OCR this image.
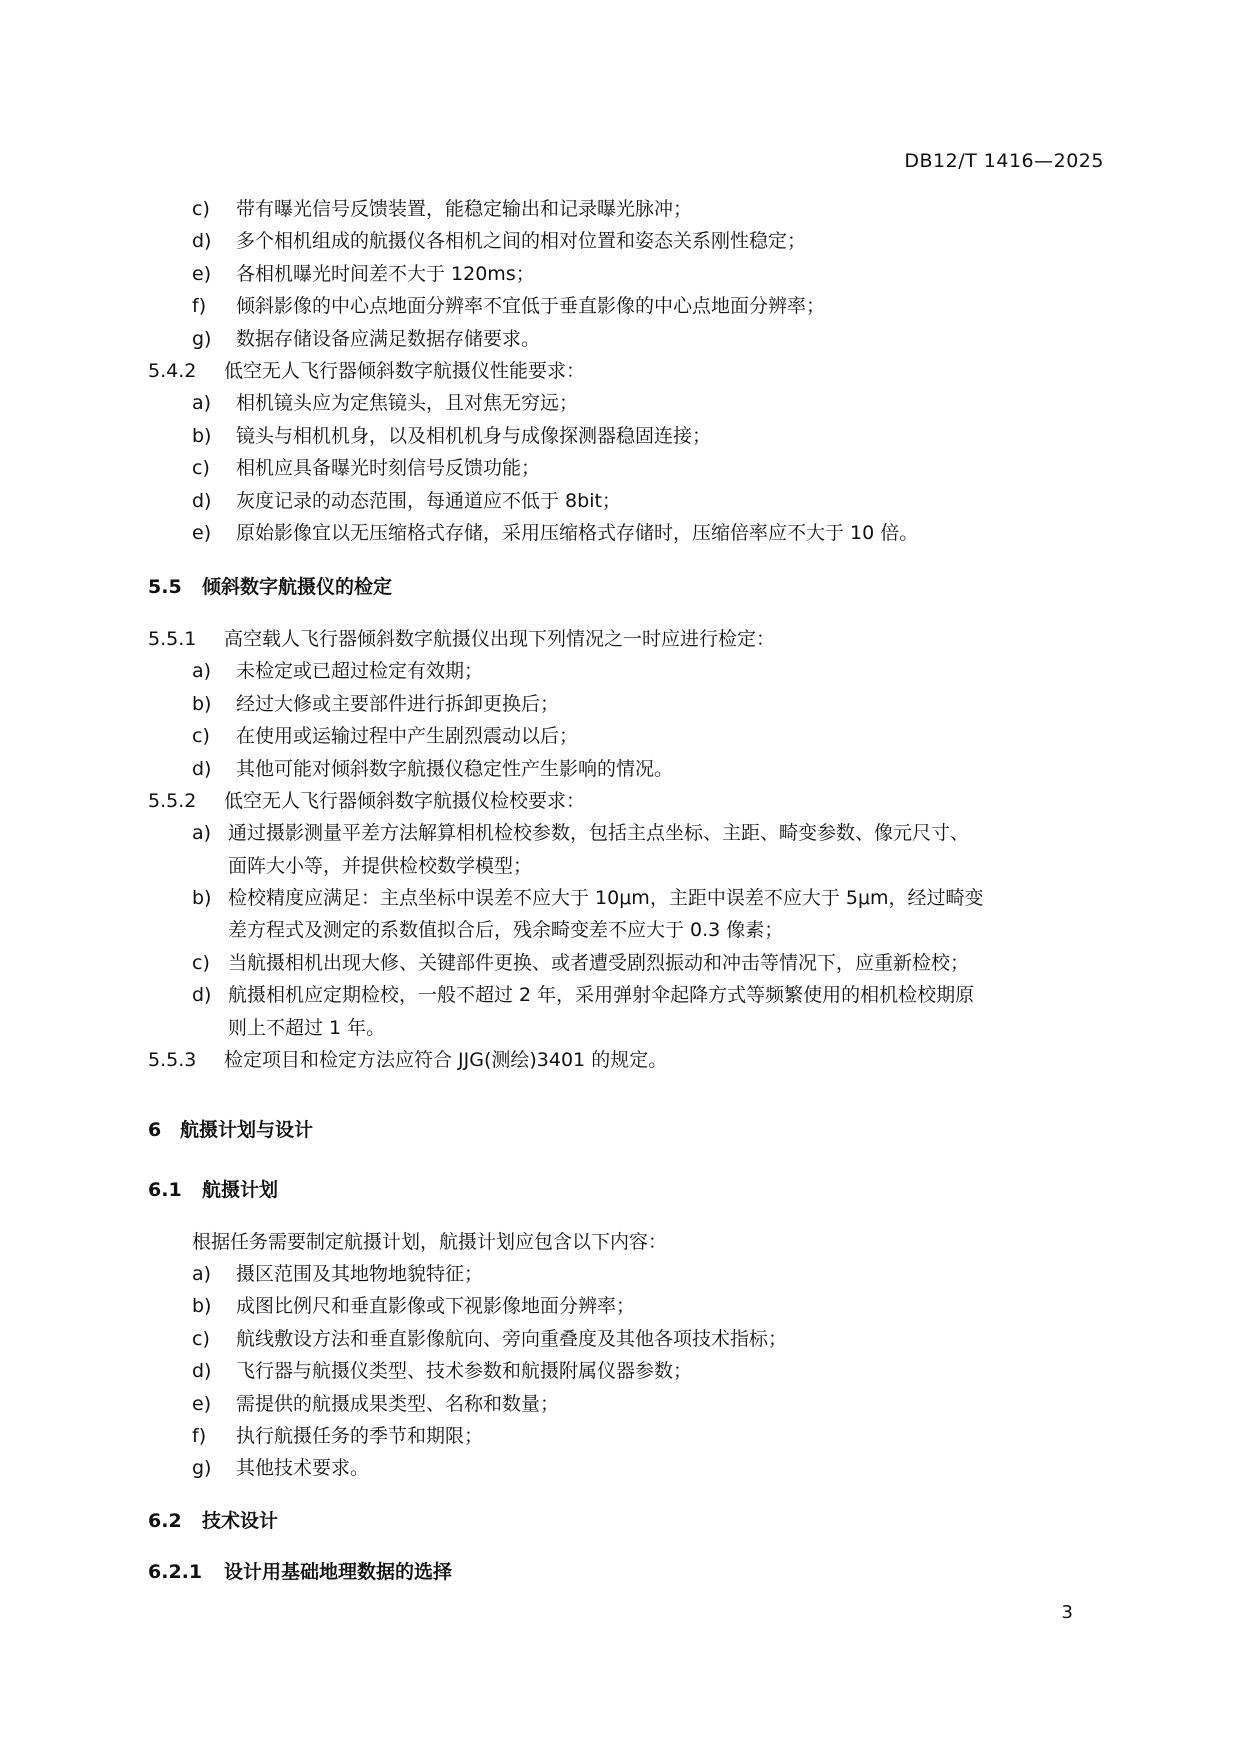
DB12/T 1416—2025
c) 带有曝光信号反馈装置，能稳定输出和记录曝光脉冲；
d) 多个相机组成的航摄仪各相机之间的相对位置和姿态关系刚性稳定；
e) 各相机曝光时间差不大于 120ms；
f) 倾斜影像的中心点地面分辨率不宜低于垂直影像的中心点地面分辨率；
g) 数据存储设备应满足数据存储要求。
5.4.2 低空无人飞行器倾斜数字航摄仪性能要求：
a) 相机镜头应为定焦镜头，且对焦无穷远；
b) 镜头与相机机身，以及相机机身与成像探测器稳固连接；
c) 相机应具备曝光时刻信号反馈功能；
d) 灰度记录的动态范围，每通道应不低于 8bit；
e) 原始影像宜以无压缩格式存储，采用压缩格式存储时，压缩倍率应不大于 10 倍。
5.5 倾斜数字航摄仪的检定
5.5.1 高空载人飞行器倾斜数字航摄仪出现下列情况之一时应进行检定：
a) 未检定或已超过检定有效期；
b) 经过大修或主要部件进行拆卸更换后；
c) 在使用或运输过程中产生剧烈震动以后；
d) 其他可能对倾斜数字航摄仪稳定性产生影响的情况。
5.5.2 低空无人飞行器倾斜数字航摄仪检校要求：
a) 通过摄影测量平差方法解算相机检校参数，包括主点坐标、主距、畸变参数、像元尺寸、
面阵大小等，并提供检校数学模型；
b) 检校精度应满足：主点坐标中误差不应大于 10μm，主距中误差不应大于 5μm，经过畸变
差方程式及测定的系数值拟合后，残余畸变差不应大于 0.3 像素；
c) 当航摄相机出现大修、关键部件更换、或者遭受剧烈振动和冲击等情况下，应重新检校；
d) 航摄相机应定期检校，一般不超过 2 年，采用弹射伞起降方式等频繁使用的相机检校期原
则上不超过 1 年。
5.5.3 检定项目和检定方法应符合 JJG(测绘)3401 的规定。
6 航摄计划与设计
6.1 航摄计划
根据任务需要制定航摄计划，航摄计划应包含以下内容：
a) 摄区范围及其地物地貌特征；
b) 成图比例尺和垂直影像或下视影像地面分辨率；
c) 航线敷设方法和垂直影像航向、旁向重叠度及其他各项技术指标；
d) 飞行器与航摄仪类型、技术参数和航摄附属仪器参数；
e) 需提供的航摄成果类型、名称和数量；
f) 执行航摄任务的季节和期限；
g) 其他技术要求。
6.2 技术设计
6.2.1 设计用基础地理数据的选择
3
